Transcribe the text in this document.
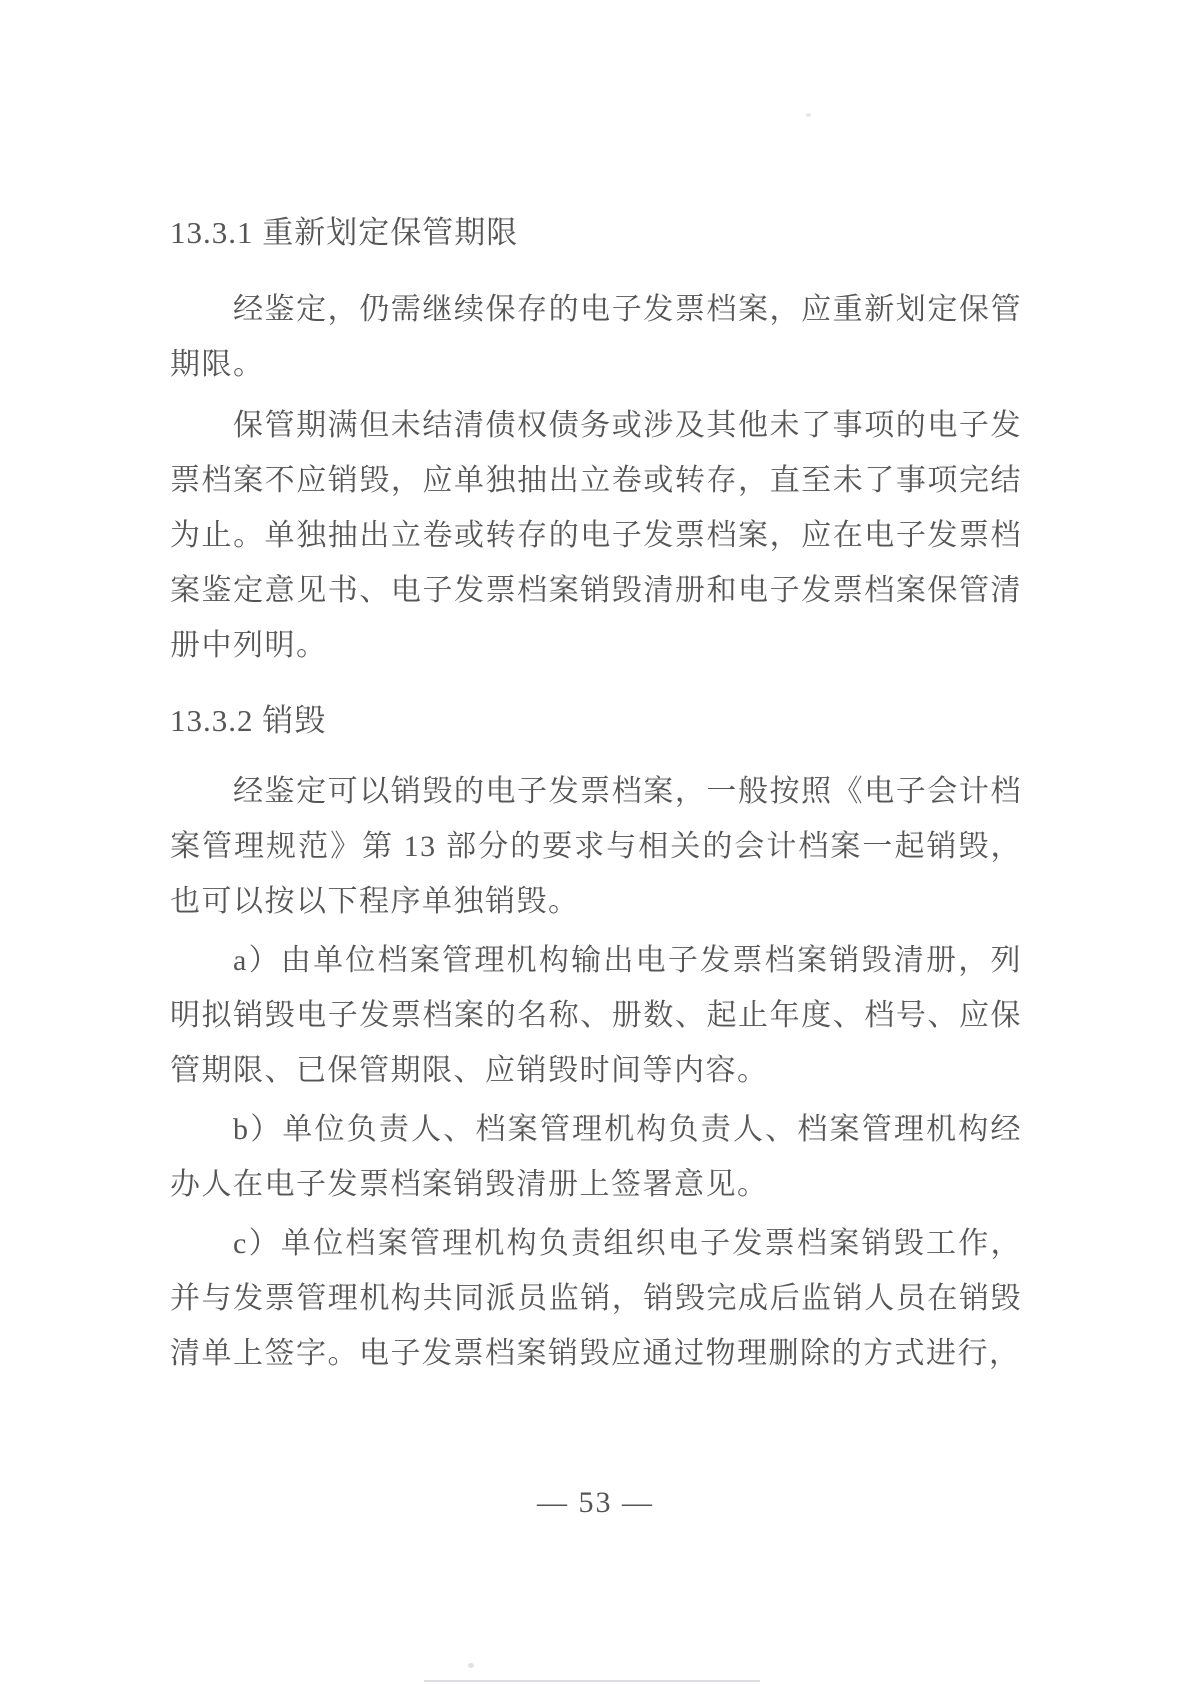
13.3.1 重新划定保管期限

经鉴定，仍需继续保存的电子发票档案，应重新划定保管期限。

保管期满但未结清债权债务或涉及其他未了事项的电子发票档案不应销毁，应单独抽出立卷或转存，直至未了事项完结为止。单独抽出立卷或转存的电子发票档案，应在电子发票档案鉴定意见书、电子发票档案销毁清册和电子发票档案保管清册中列明。

13.3.2 销毁

经鉴定可以销毁的电子发票档案，一般按照《电子会计档案管理规范》第 13 部分的要求与相关的会计档案一起销毁，也可以按以下程序单独销毁。

a）由单位档案管理机构输出电子发票档案销毁清册，列明拟销毁电子发票档案的名称、册数、起止年度、档号、应保管期限、已保管期限、应销毁时间等内容。

b）单位负责人、档案管理机构负责人、档案管理机构经办人在电子发票档案销毁清册上签署意见。

c）单位档案管理机构负责组织电子发票档案销毁工作，并与发票管理机构共同派员监销，销毁完成后监销人员在销毁清单上签字。电子发票档案销毁应通过物理删除的方式进行，

— 53 —
